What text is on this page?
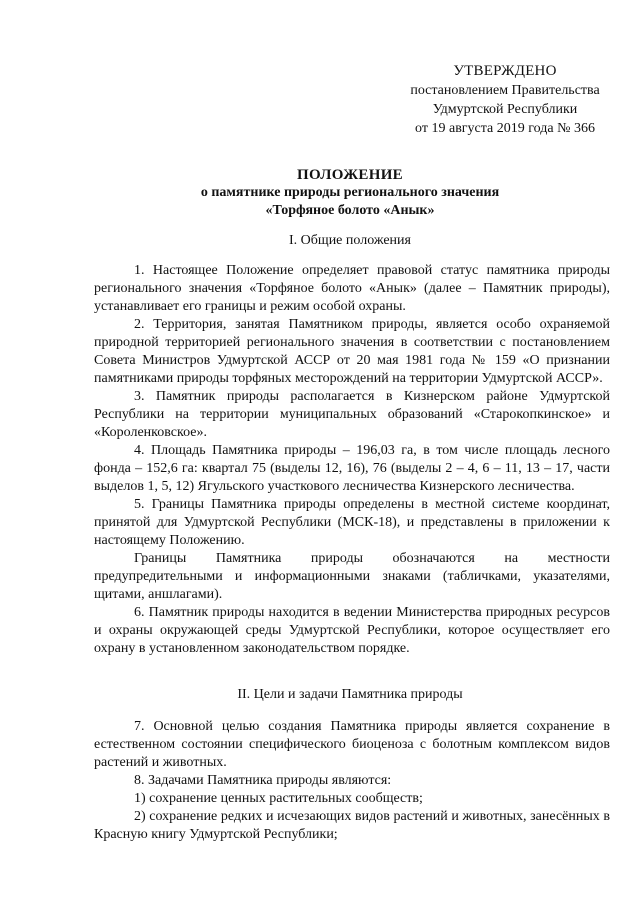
УТВЕРЖДЕНО
постановлением Правительства
Удмуртской Республики
от 19 августа 2019 года № 366
ПОЛОЖЕНИЕ
о памятнике природы регионального значения
«Торфяное болото «Анык»
I. Общие положения

1. Настоящее Положение определяет правовой статус памятника природы регионального значения «Торфяное болото «Анык» (далее – Памятник природы), устанавливает его границы и режим особой охраны.

2. Территория, занятая Памятником природы, является особо охраняемой природной территорией регионального значения в соответствии с постановлением Совета Министров Удмуртской АССР от 20 мая 1981 года № 159 «О признании памятниками природы торфяных месторождений на территории Удмуртской АССР».

3. Памятник природы располагается в Кизнерском районе Удмуртской Республики на территории муниципальных образований «Старокопкинское» и «Короленковское».

4. Площадь Памятника природы – 196,03 га, в том числе площадь лесного фонда – 152,6 га: квартал 75 (выделы 12, 16), 76 (выделы 2 – 4, 6 – 11, 13 – 17, части выделов 1, 5, 12) Ягульского участкового лесничества Кизнерского лесничества.

5. Границы Памятника природы определены в местной системе координат, принятой для Удмуртской Республики (МСК-18), и представлены в приложении к настоящему Положению.

Границы Памятника природы обозначаются на местности предупредительными и информационными знаками (табличками, указателями, щитами, аншлагами).

6. Памятник природы находится в ведении Министерства природных ресурсов и охраны окружающей среды Удмуртской Республики, которое осуществляет его охрану в установленном законодательством порядке.

II. Цели и задачи Памятника природы

7. Основной целью создания Памятника природы является сохранение в естественном состоянии специфического биоценоза с болотным комплексом видов растений и животных.

8. Задачами Памятника природы являются:

1) сохранение ценных растительных сообществ;

2) сохранение редких и исчезающих видов растений и животных, занесённых в Красную книгу Удмуртской Республики;
